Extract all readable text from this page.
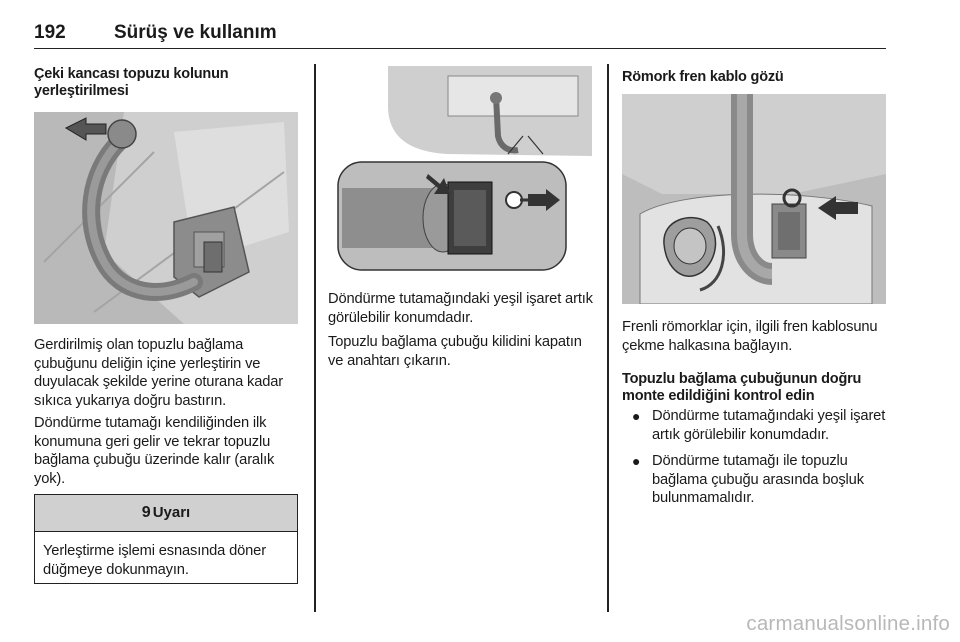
192	Sürüş ve kullanım
Çeki kancası topuzu kolunun yerleştirilmesi

Gerdirilmiş olan topuzlu bağlama çubuğunu deliğin içine yerleştirin ve duyulacak şekilde yerine oturana kadar sıkıca yukarıya doğru bastırın.

Döndürme tutamağı kendiliğinden ilk konumuna geri gelir ve tekrar topuzlu bağlama çubuğu üzerinde kalır (aralık yok).

9 Uyarı
Yerleştirme işlemi esnasında döner düğmeye dokunmayın.

Döndürme tutamağındaki yeşil işaret artık görülebilir konumdadır.

Topuzlu bağlama çubuğu kilidini kapatın ve anahtarı çıkarın.

Römork fren kablo gözü

Frenli römorklar için, ilgili fren kablosunu çekme halkasına bağlayın.

Topuzlu bağlama çubuğunun doğru monte edildiğini kontrol edin
● Döndürme tutamağındaki yeşil işaret artık görülebilir konumdadır.
● Döndürme tutamağı ile topuzlu bağlama çubuğu arasında boşluk bulunmamalıdır.
carmanualsonline.info
